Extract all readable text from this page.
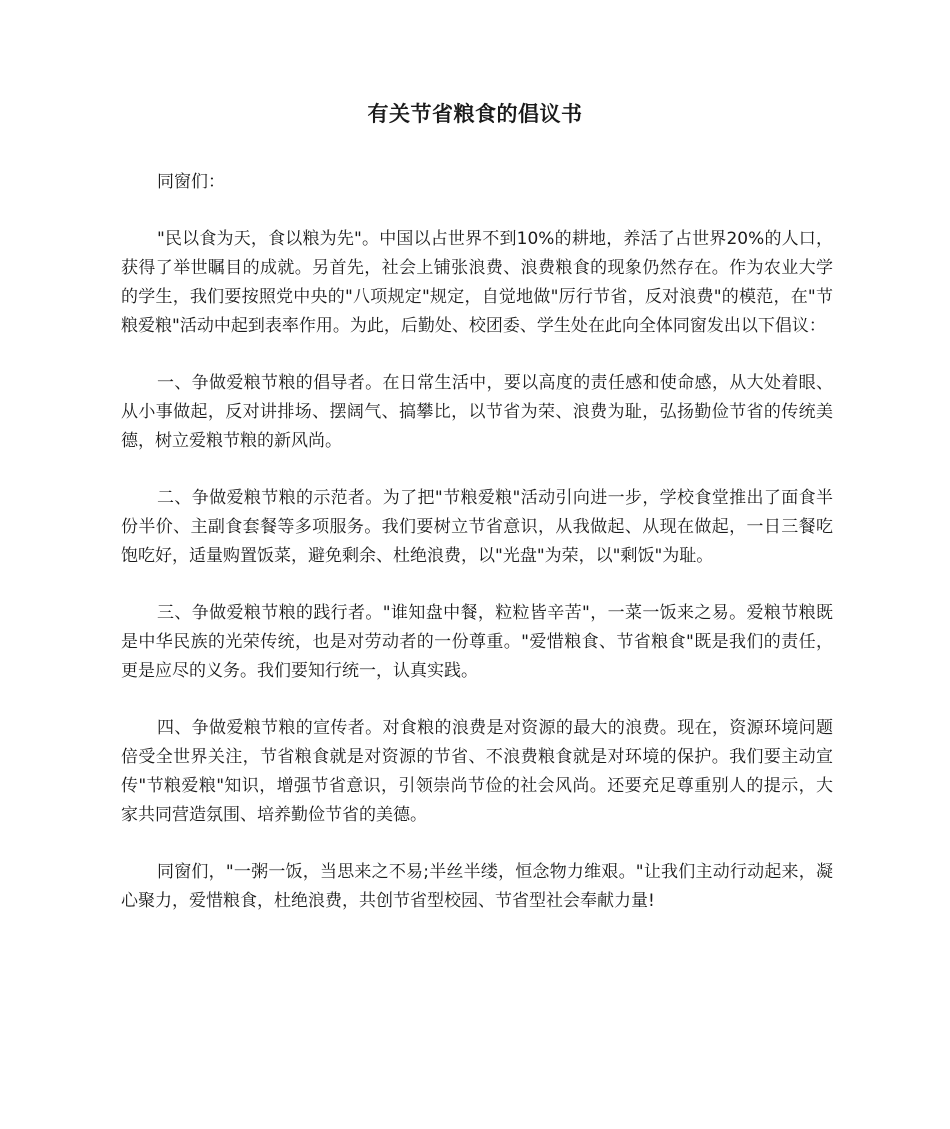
有关节省粮食的倡议书

同窗们：

"民以食为天，食以粮为先"。中国以占世界不到10%的耕地，养活了占世界20%的人口，获得了举世瞩目的成就。另首先，社会上铺张浪费、浪费粮食的现象仍然存在。作为农业大学的学生，我们要按照党中央的"八项规定"规定，自觉地做"厉行节省，反对浪费"的模范，在"节粮爱粮"活动中起到表率作用。为此，后勤处、校团委、学生处在此向全体同窗发出以下倡议：

一、争做爱粮节粮的倡导者。在日常生活中，要以高度的责任感和使命感，从大处着眼、从小事做起，反对讲排场、摆阔气、搞攀比，以节省为荣、浪费为耻，弘扬勤俭节省的传统美德，树立爱粮节粮的新风尚。

二、争做爱粮节粮的示范者。为了把"节粮爱粮"活动引向进一步，学校食堂推出了面食半份半价、主副食套餐等多项服务。我们要树立节省意识，从我做起、从现在做起，一日三餐吃饱吃好，适量购置饭菜，避免剩余、杜绝浪费，以"光盘"为荣，以"剩饭"为耻。

三、争做爱粮节粮的践行者。"谁知盘中餐，粒粒皆辛苦"，一菜一饭来之易。爱粮节粮既是中华民族的光荣传统，也是对劳动者的一份尊重。"爱惜粮食、节省粮食"既是我们的责任，更是应尽的义务。我们要知行统一，认真实践。

四、争做爱粮节粮的宣传者。对食粮的浪费是对资源的最大的浪费。现在，资源环境问题倍受全世界关注，节省粮食就是对资源的节省、不浪费粮食就是对环境的保护。我们要主动宣传"节粮爱粮"知识，增强节省意识，引领崇尚节俭的社会风尚。还要充足尊重别人的提示，大家共同营造氛围、培养勤俭节省的美德。

同窗们，"一粥一饭，当思来之不易;半丝半缕，恒念物力维艰。"让我们主动行动起来，凝心聚力，爱惜粮食，杜绝浪费，共创节省型校园、节省型社会奉献力量!
